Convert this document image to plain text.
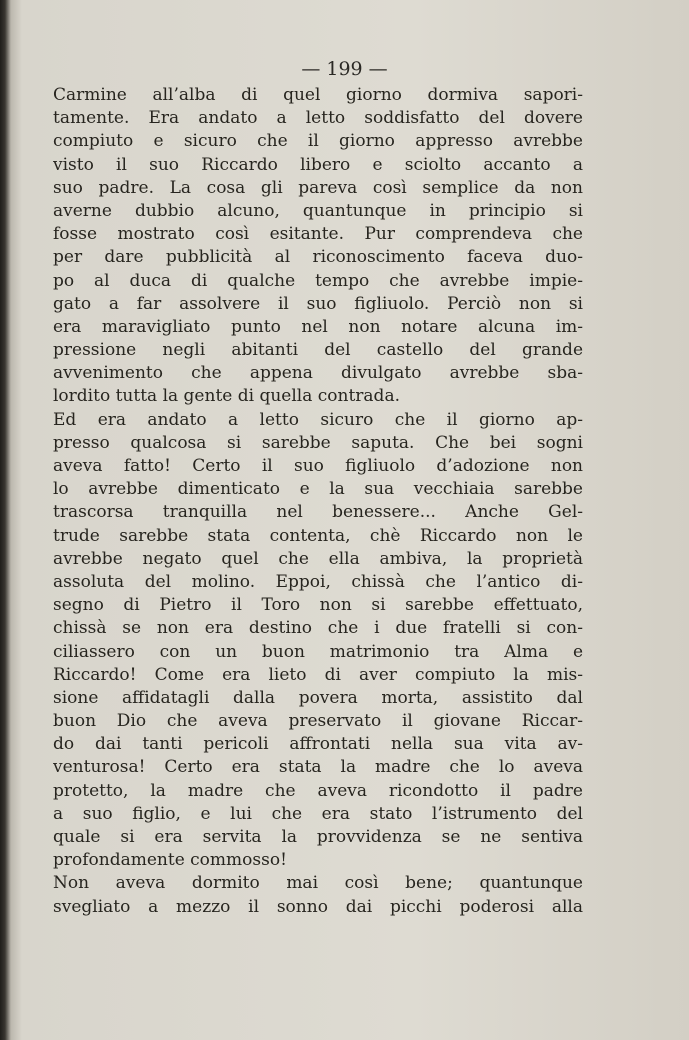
— 199 —
Carmine all’alba di quel giorno dormiva sapori-
tamente. Era andato a letto soddisfatto del dovere
compiuto e sicuro che il giorno appresso avrebbe
visto il suo Riccardo libero e sciolto accanto a
suo padre. La cosa gli pareva così semplice da non
averne dubbio alcuno, quantunque in principio si
fosse mostrato così esitante. Pur comprendeva che
per dare pubblicità al riconoscimento faceva duo-
po al duca di qualche tempo che avrebbe impie-
gato a far assolvere il suo figliuolo. Perciò non si
era maravigliato punto nel non notare alcuna im-
pressione negli abitanti del castello del grande
avvenimento che appena divulgato avrebbe sba-
lordito tutta la gente di quella contrada.
Ed era andato a letto sicuro che il giorno ap-
presso qualcosa si sarebbe saputa. Che bei sogni
aveva fatto! Certo il suo figliuolo d’adozione non
lo avrebbe dimenticato e la sua vecchiaia sarebbe
trascorsa tranquilla nel benessere... Anche Gel-
trude sarebbe stata contenta, chè Riccardo non le
avrebbe negato quel che ella ambiva, la proprietà
assoluta del molino. Eppoi, chissà che l’antico di-
segno di Pietro il Toro non si sarebbe effettuato,
chissà se non era destino che i due fratelli si con-
ciliassero con un buon matrimonio tra Alma e
Riccardo! Come era lieto di aver compiuto la mis-
sione affidatagli dalla povera morta, assistito dal
buon Dio che aveva preservato il giovane Riccar-
do dai tanti pericoli affrontati nella sua vita av-
venturosa! Certo era stata la madre che lo aveva
protetto, la madre che aveva ricondotto il padre
a suo figlio, e lui che era stato l’istrumento del
quale si era servita la provvidenza se ne sentiva
profondamente commosso!
Non aveva dormito mai così bene; quantunque
svegliato a mezzo il sonno dai picchi poderosi alla
